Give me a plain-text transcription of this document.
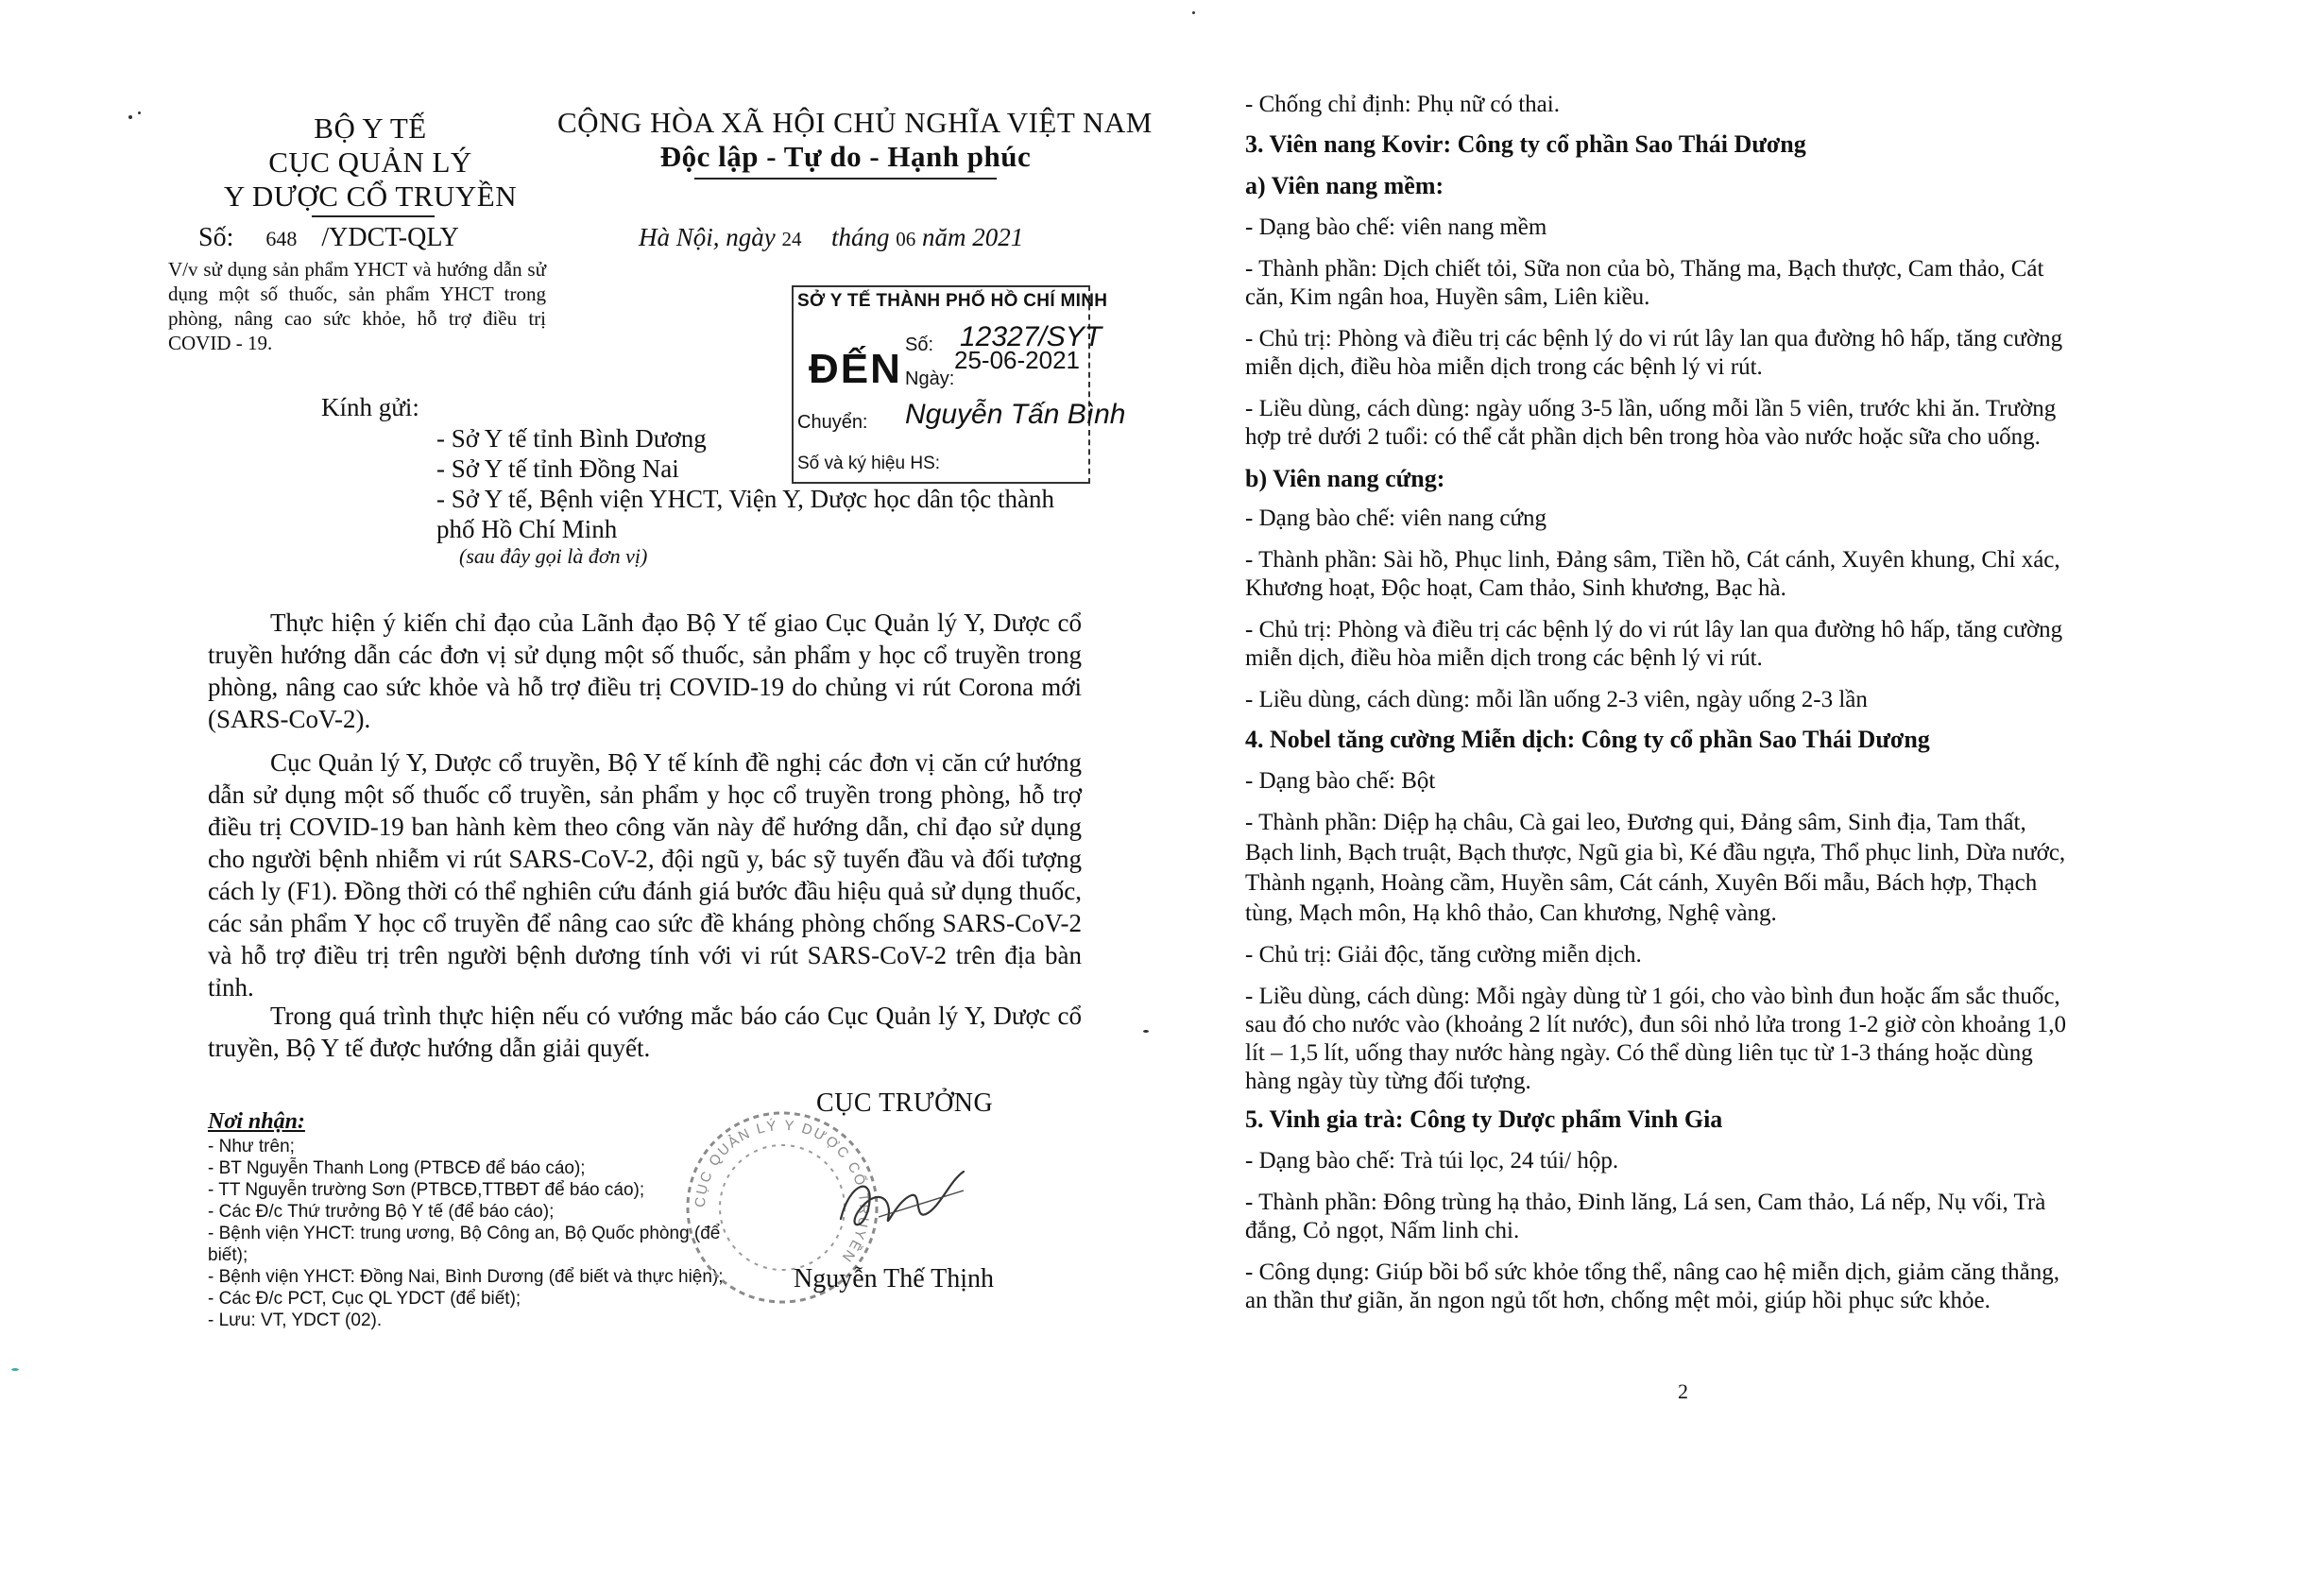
BỘ Y TẾ
CỤC QUẢN LÝ
Y DƯỢC CỔ TRUYỀN
CỘNG HÒA XÃ HỘI CHỦ NGHĨA VIỆT NAM
Độc lập - Tự do - Hạnh phúc
Số: 648 /YDCT-QLY
V/v sử dụng sản phẩm YHCT và hướng dẫn sử dụng một số thuốc, sản phẩm YHCT trong phòng, nâng cao sức khỏe, hỗ trợ điều trị COVID - 19.
Hà Nội, ngày 24 tháng 06 năm 2021
SỞ Y TẾ THÀNH PHỐ HỒ CHÍ MINH
ĐẾN
Số: 12327/SYT
Ngày:
25-06-2021
Chuyển: Nguyễn Tấn Bình
Số và ký hiệu HS:
Kính gửi:
- Sở Y tế tỉnh Bình Dương
- Sở Y tế tỉnh Đồng Nai
- Sở Y tế, Bệnh viện YHCT, Viện Y, Dược học dân tộc thành phố Hồ Chí Minh
(sau đây gọi là đơn vị)
Thực hiện ý kiến chỉ đạo của Lãnh đạo Bộ Y tế giao Cục Quản lý Y, Dược cổ truyền hướng dẫn các đơn vị sử dụng một số thuốc, sản phẩm y học cổ truyền trong phòng, nâng cao sức khỏe và hỗ trợ điều trị COVID-19 do chủng vi rút Corona mới (SARS-CoV-2).
Cục Quản lý Y, Dược cổ truyền, Bộ Y tế kính đề nghị các đơn vị căn cứ hướng dẫn sử dụng một số thuốc cổ truyền, sản phẩm y học cổ truyền trong phòng, hỗ trợ điều trị COVID-19 ban hành kèm theo công văn này để hướng dẫn, chỉ đạo sử dụng cho người bệnh nhiễm vi rút SARS-CoV-2, đội ngũ y, bác sỹ tuyến đầu và đối tượng cách ly (F1). Đồng thời có thể nghiên cứu đánh giá bước đầu hiệu quả sử dụng thuốc, các sản phẩm Y học cổ truyền để nâng cao sức đề kháng phòng chống SARS-CoV-2 và hỗ trợ điều trị trên người bệnh dương tính với vi rút SARS-CoV-2 trên địa bàn tỉnh.
Trong quá trình thực hiện nếu có vướng mắc báo cáo Cục Quản lý Y, Dược cổ truyền, Bộ Y tế được hướng dẫn giải quyết.
Nơi nhận:
- Như trên;
- BT Nguyễn Thanh Long (PTBCĐ để báo cáo);
- TT Nguyễn trường Sơn (PTBCĐ,TTBĐT để báo cáo);
- Các Đ/c Thứ trưởng Bộ Y tế (để báo cáo);
- Bệnh viện YHCT: trung ương, Bộ Công an, Bộ Quốc phòng (để biết);
- Bệnh viện YHCT: Đồng Nai, Bình Dương (để biết và thực hiện);
- Các Đ/c PCT, Cục QL YDCT (để biết);
- Lưu: VT, YDCT (02).
CỤC QUẢN LÝ Y DƯỢC CỔ TRUYỀN
CỤC TRƯỞNG
Nguyễn Thế Thịnh
- Chống chỉ định: Phụ nữ có thai.
3. Viên nang Kovir: Công ty cổ phần Sao Thái Dương
a) Viên nang mềm:
- Dạng bào chế: viên nang mềm
- Thành phần: Dịch chiết tỏi, Sữa non của bò, Thăng ma, Bạch thược, Cam thảo, Cát
căn, Kim ngân hoa, Huyền sâm, Liên kiều.
- Chủ trị: Phòng và điều trị các bệnh lý do vi rút lây lan qua đường hô hấp, tăng cường
miễn dịch, điều hòa miễn dịch trong các bệnh lý vi rút.
- Liều dùng, cách dùng: ngày uống 3-5 lần, uống mỗi lần 5 viên, trước khi ăn. Trường
hợp trẻ dưới 2 tuổi: có thể cắt phần dịch bên trong hòa vào nước hoặc sữa cho uống.
b) Viên nang cứng:
- Dạng bào chế: viên nang cứng
- Thành phần: Sài hồ, Phục linh, Đảng sâm, Tiền hồ, Cát cánh, Xuyên khung, Chỉ xác,
Khương hoạt, Độc hoạt, Cam thảo, Sinh khương, Bạc hà.
- Chủ trị: Phòng và điều trị các bệnh lý do vi rút lây lan qua đường hô hấp, tăng cường
miễn dịch, điều hòa miễn dịch trong các bệnh lý vi rút.
- Liều dùng, cách dùng: mỗi lần uống 2-3 viên, ngày uống 2-3 lần
4. Nobel tăng cường Miễn dịch: Công ty cổ phần Sao Thái Dương
- Dạng bào chế: Bột
- Thành phần: Diệp hạ châu, Cà gai leo, Đương qui, Đảng sâm, Sinh địa, Tam thất,
Bạch linh, Bạch truật, Bạch thược, Ngũ gia bì, Ké đầu ngựa, Thổ phục linh, Dừa nước,
Thành ngạnh, Hoàng cầm, Huyền sâm, Cát cánh, Xuyên Bối mẫu, Bách hợp, Thạch
tùng, Mạch môn, Hạ khô thảo, Can khương, Nghệ vàng.
- Chủ trị: Giải độc, tăng cường miễn dịch.
- Liều dùng, cách dùng: Mỗi ngày dùng từ 1 gói, cho vào bình đun hoặc ấm sắc thuốc,
sau đó cho nước vào (khoảng 2 lít nước), đun sôi nhỏ lửa trong 1-2 giờ còn khoảng 1,0
lít – 1,5 lít, uống thay nước hàng ngày. Có thể dùng liên tục từ 1-3 tháng hoặc dùng
hàng ngày tùy từng đối tượng.
5. Vinh gia trà: Công ty Dược phẩm Vinh Gia
- Dạng bào chế: Trà túi lọc, 24 túi/ hộp.
- Thành phần: Đông trùng hạ thảo, Đinh lăng, Lá sen, Cam thảo, Lá nếp, Nụ vối, Trà
đắng, Cỏ ngọt, Nấm linh chi.
- Công dụng: Giúp bồi bổ sức khỏe tổng thể, nâng cao hệ miễn dịch, giảm căng thẳng,
an thần thư giãn, ăn ngon ngủ tốt hơn, chống mệt mỏi, giúp hồi phục sức khỏe.
2
